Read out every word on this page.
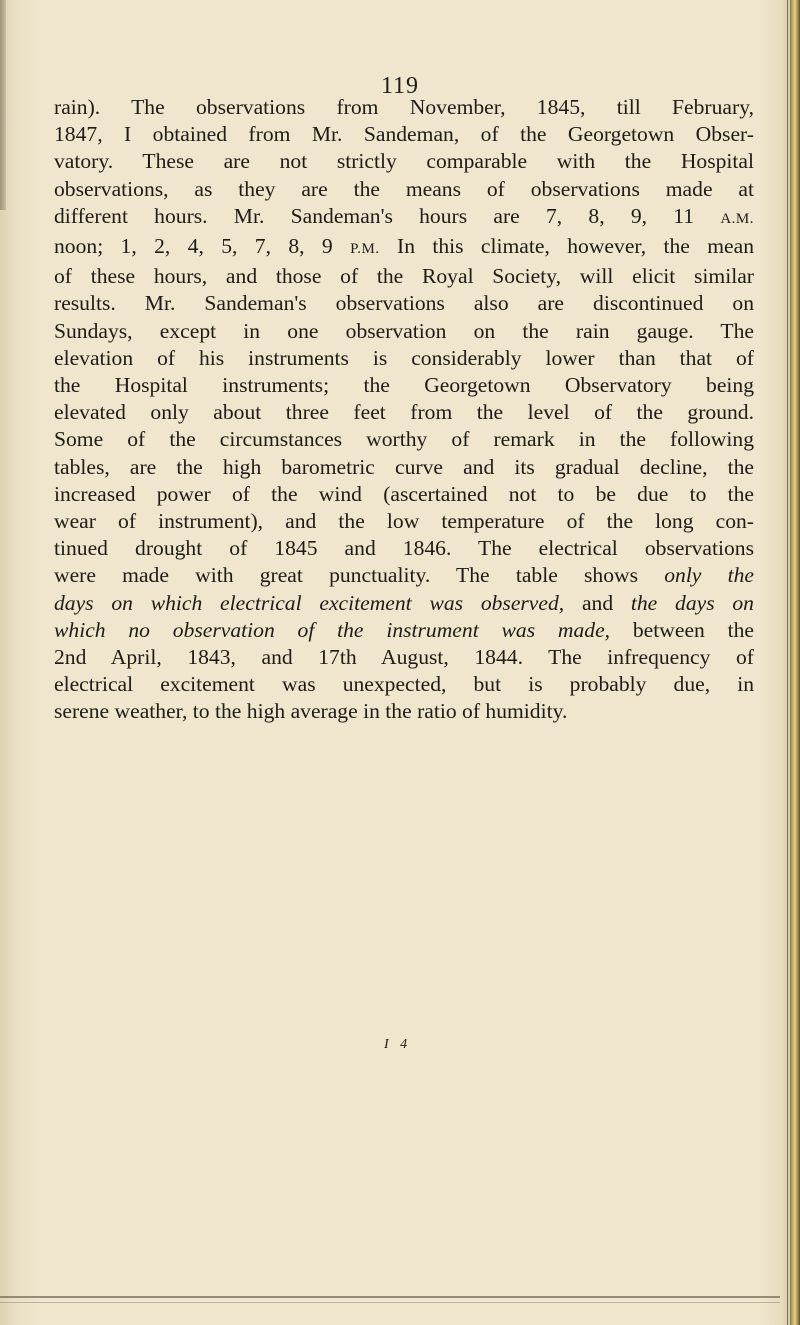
119
rain). The observations from November, 1845, till February,
1847, I obtained from Mr. Sandeman, of the Georgetown Obser-
vatory. These are not strictly comparable with the Hospital
observations, as they are the means of observations made at
different hours. Mr. Sandeman's hours are 7, 8, 9, 11 A.M.
noon; 1, 2, 4, 5, 7, 8, 9 P.M. In this climate, however, the mean
of these hours, and those of the Royal Society, will elicit similar
results. Mr. Sandeman's observations also are discontinued on
Sundays, except in one observation on the rain gauge. The
elevation of his instruments is considerably lower than that of
the Hospital instruments; the Georgetown Observatory being
elevated only about three feet from the level of the ground.
Some of the circumstances worthy of remark in the following
tables, are the high barometric curve and its gradual decline, the
increased power of the wind (ascertained not to be due to the
wear of instrument), and the low temperature of the long con-
tinued drought of 1845 and 1846. The electrical observations
were made with great punctuality. The table shows only the
days on which electrical excitement was observed, and the days on
which no observation of the instrument was made, between the
2nd April, 1843, and 17th August, 1844. The infrequency of
electrical excitement was unexpected, but is probably due, in
serene weather, to the high average in the ratio of humidity.
I 4
